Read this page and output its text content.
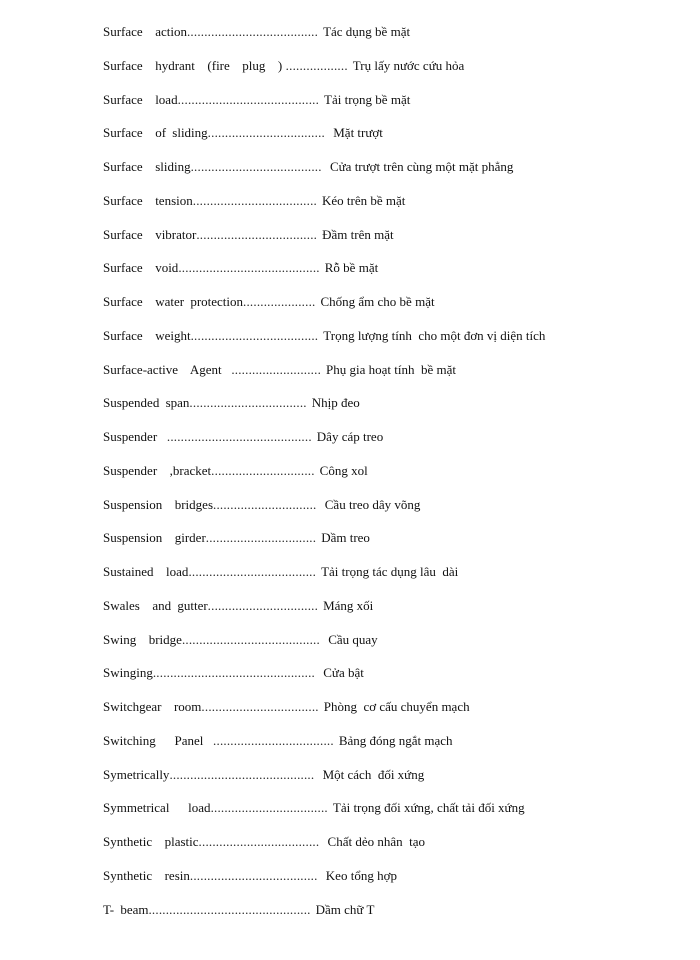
Surface  action ...................................... Tác dụng bề mặt
Surface  hydrant  (fire  plug  ) .................. Trụ lấy nước cứu hỏa
Surface  load ......................................... Tải trọng bề mặt
Surface  of sliding .................................. Mặt trượt
Surface  sliding ...................................... Cửa trượt trên cùng một mặt phẳng
Surface  tension .................................... Kéo trên bề mặt
Surface  vibrator ................................... Đầm trên mặt
Surface  void ......................................... Rỗ bề mặt
Surface  water protection ..................... Chống ẩm cho bề mặt
Surface  weight ..................................... Trọng lượng tính  cho một đơn vị diện tích
Surface-active  Agent .......................... Phụ gia hoạt tính  bề mặt
Suspended span .................................. Nhịp đeo
Suspender .......................................... Dây cáp treo
Suspender  ,bracket .............................. Công xol
Suspension  bridges .............................. Cầu treo dây võng
Suspension  girder ................................ Dầm treo
Sustained  load ..................................... Tải trọng tác dụng lâu  dài
Swales  and gutter ................................ Máng xối
Swing  bridge ........................................ Cầu quay
Swinging ............................................... Cửa bật
Switchgear  room .................................. Phòng  cơ cấu chuyển mạch
Switching   Panel ................................... Bảng đóng ngắt mạch
Symetrically .......................................... Một cách  đối xứng
Symmetrical   load .................................. Tải trọng đối xứng, chất tải đối xứng
Synthetic  plastic ................................... Chất dẻo nhân  tạo
Synthetic  resin ..................................... Keo tổng hợp
T- beam ............................................... Dầm chữ T
